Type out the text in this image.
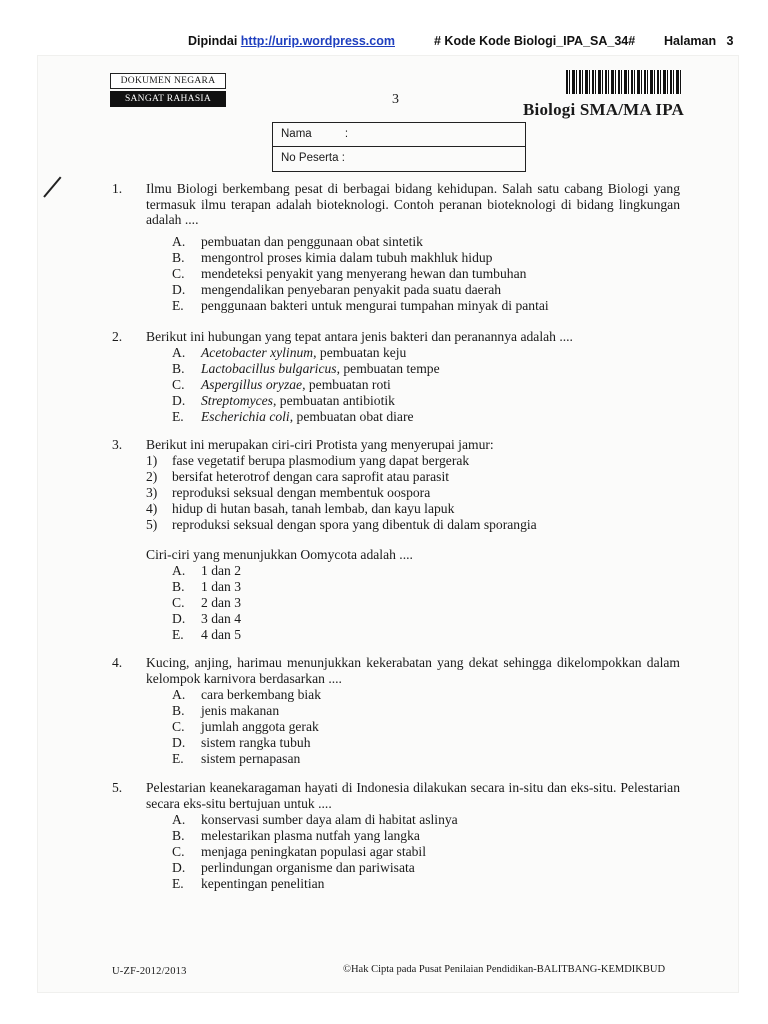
Dipindai http://urip.wordpress.com	# Kode Kode Biologi_IPA_SA_34# Halaman 3
DOKUMEN NEGARA
SANGAT RAHASIA	3
Biologi SMA/MA IPA
Nama	:
No Peserta :
1. Ilmu Biologi berkembang pesat di berbagai bidang kehidupan. Salah satu cabang Biologi yang termasuk ilmu terapan adalah bioteknologi. Contoh peranan bioteknologi di bidang lingkungan adalah ....
A. pembuatan dan penggunaan obat sintetik
B. mengontrol proses kimia dalam tubuh makhluk hidup
C. mendeteksi penyakit yang menyerang hewan dan tumbuhan
D. mengendalikan penyebaran penyakit pada suatu daerah
E. penggunaan bakteri untuk mengurai tumpahan minyak di pantai
2. Berikut ini hubungan yang tepat antara jenis bakteri dan peranannya adalah ....
A. Acetobacter xylinum, pembuatan keju
B. Lactobacillus bulgaricus, pembuatan tempe
C. Aspergillus oryzae, pembuatan roti
D. Streptomyces, pembuatan antibiotik
E. Escherichia coli, pembuatan obat diare
3. Berikut ini merupakan ciri-ciri Protista yang menyerupai jamur:
1) fase vegetatif berupa plasmodium yang dapat bergerak
2) bersifat heterotrof dengan cara saprofit atau parasit
3) reproduksi seksual dengan membentuk oospora
4) hidup di hutan basah, tanah lembab, dan kayu lapuk
5) reproduksi seksual dengan spora yang dibentuk di dalam sporangia
Ciri-ciri yang menunjukkan Oomycota adalah ....
A. 1 dan 2
B. 1 dan 3
C. 2 dan 3
D. 3 dan 4
E. 4 dan 5
4. Kucing, anjing, harimau menunjukkan kekerabatan yang dekat sehingga dikelompokkan dalam kelompok karnivora berdasarkan ....
A. cara berkembang biak
B. jenis makanan
C. jumlah anggota gerak
D. sistem rangka tubuh
E. sistem pernapasan
5. Pelestarian keanekaragaman hayati di Indonesia dilakukan secara in-situ dan eks-situ. Pelestarian secara eks-situ bertujuan untuk ....
A. konservasi sumber daya alam di habitat aslinya
B. melestarikan plasma nutfah yang langka
C. menjaga peningkatan populasi agar stabil
D. perlindungan organisme dan pariwisata
E. kepentingan penelitian
U-ZF-2012/2013	©Hak Cipta pada Pusat Penilaian Pendidikan-BALITBANG-KEMDIKBUD
